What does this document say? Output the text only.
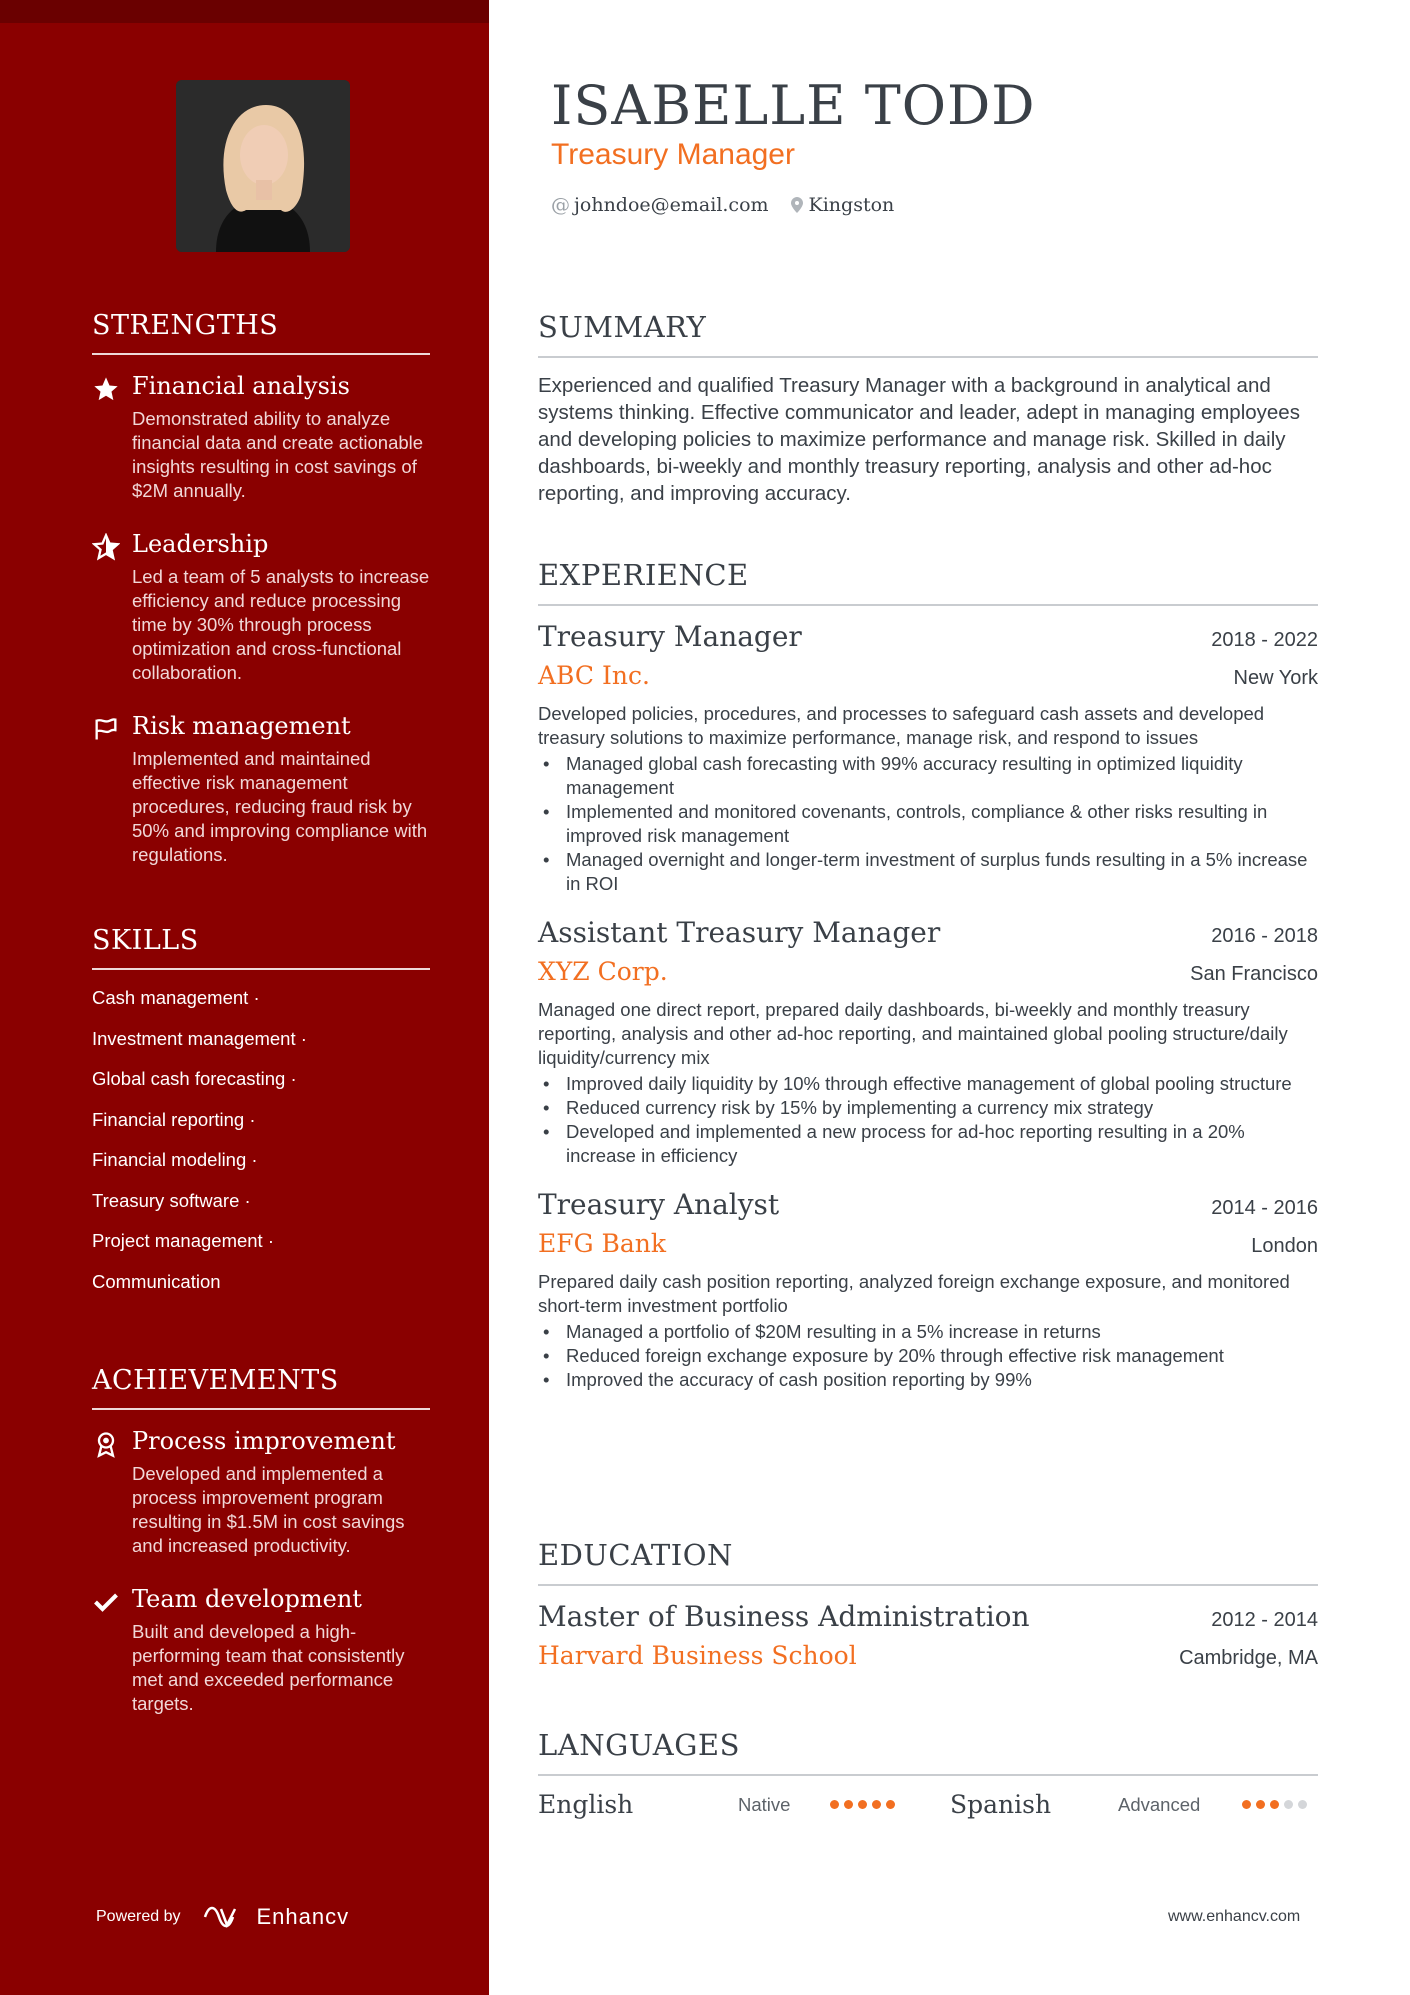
STRENGTHS
Financial analysis
Demonstrated ability to analyze financial data and create actionable insights resulting in cost savings of $2M annually.
Leadership
Led a team of 5 analysts to increase efficiency and reduce processing time by 30% through process optimization and cross-functional collaboration.
Risk management
Implemented and maintained effective risk management procedures, reducing fraud risk by 50% and improving compliance with regulations.
SKILLS
Cash management ·
Investment management ·
Global cash forecasting ·
Financial reporting ·
Financial modeling ·
Treasury software ·
Project management ·
Communication
ACHIEVEMENTS
Process improvement
Developed and implemented a process improvement program resulting in $1.5M in cost savings and increased productivity.
Team development
Built and developed a high-performing team that consistently met and exceeded performance targets.
Powered by	Enhancv
ISABELLE TODD
Treasury Manager
@ johndoe@email.com	Kingston
SUMMARY
Experienced and qualified Treasury Manager with a background in analytical and systems thinking. Effective communicator and leader, adept in managing employees and developing policies to maximize performance and manage risk. Skilled in daily dashboards, bi-weekly and monthly treasury reporting, analysis and other ad-hoc reporting, and improving accuracy.
EXPERIENCE
Treasury Manager	2018 - 2022
ABC Inc.	New York
Developed policies, procedures, and processes to safeguard cash assets and developed treasury solutions to maximize performance, manage risk, and respond to issues
• Managed global cash forecasting with 99% accuracy resulting in optimized liquidity management
• Implemented and monitored covenants, controls, compliance & other risks resulting in improved risk management
• Managed overnight and longer-term investment of surplus funds resulting in a 5% increase in ROI
Assistant Treasury Manager	2016 - 2018
XYZ Corp.	San Francisco
Managed one direct report, prepared daily dashboards, bi-weekly and monthly treasury reporting, analysis and other ad-hoc reporting, and maintained global pooling structure/daily liquidity/currency mix
• Improved daily liquidity by 10% through effective management of global pooling structure
• Reduced currency risk by 15% by implementing a currency mix strategy
• Developed and implemented a new process for ad-hoc reporting resulting in a 20% increase in efficiency
Treasury Analyst	2014 - 2016
EFG Bank	London
Prepared daily cash position reporting, analyzed foreign exchange exposure, and monitored short-term investment portfolio
• Managed a portfolio of $20M resulting in a 5% increase in returns
• Reduced foreign exchange exposure by 20% through effective risk management
• Improved the accuracy of cash position reporting by 99%
EDUCATION
Master of Business Administration	2012 - 2014
Harvard Business School	Cambridge, MA
LANGUAGES
English	Native	Spanish	Advanced
www.enhancv.com
